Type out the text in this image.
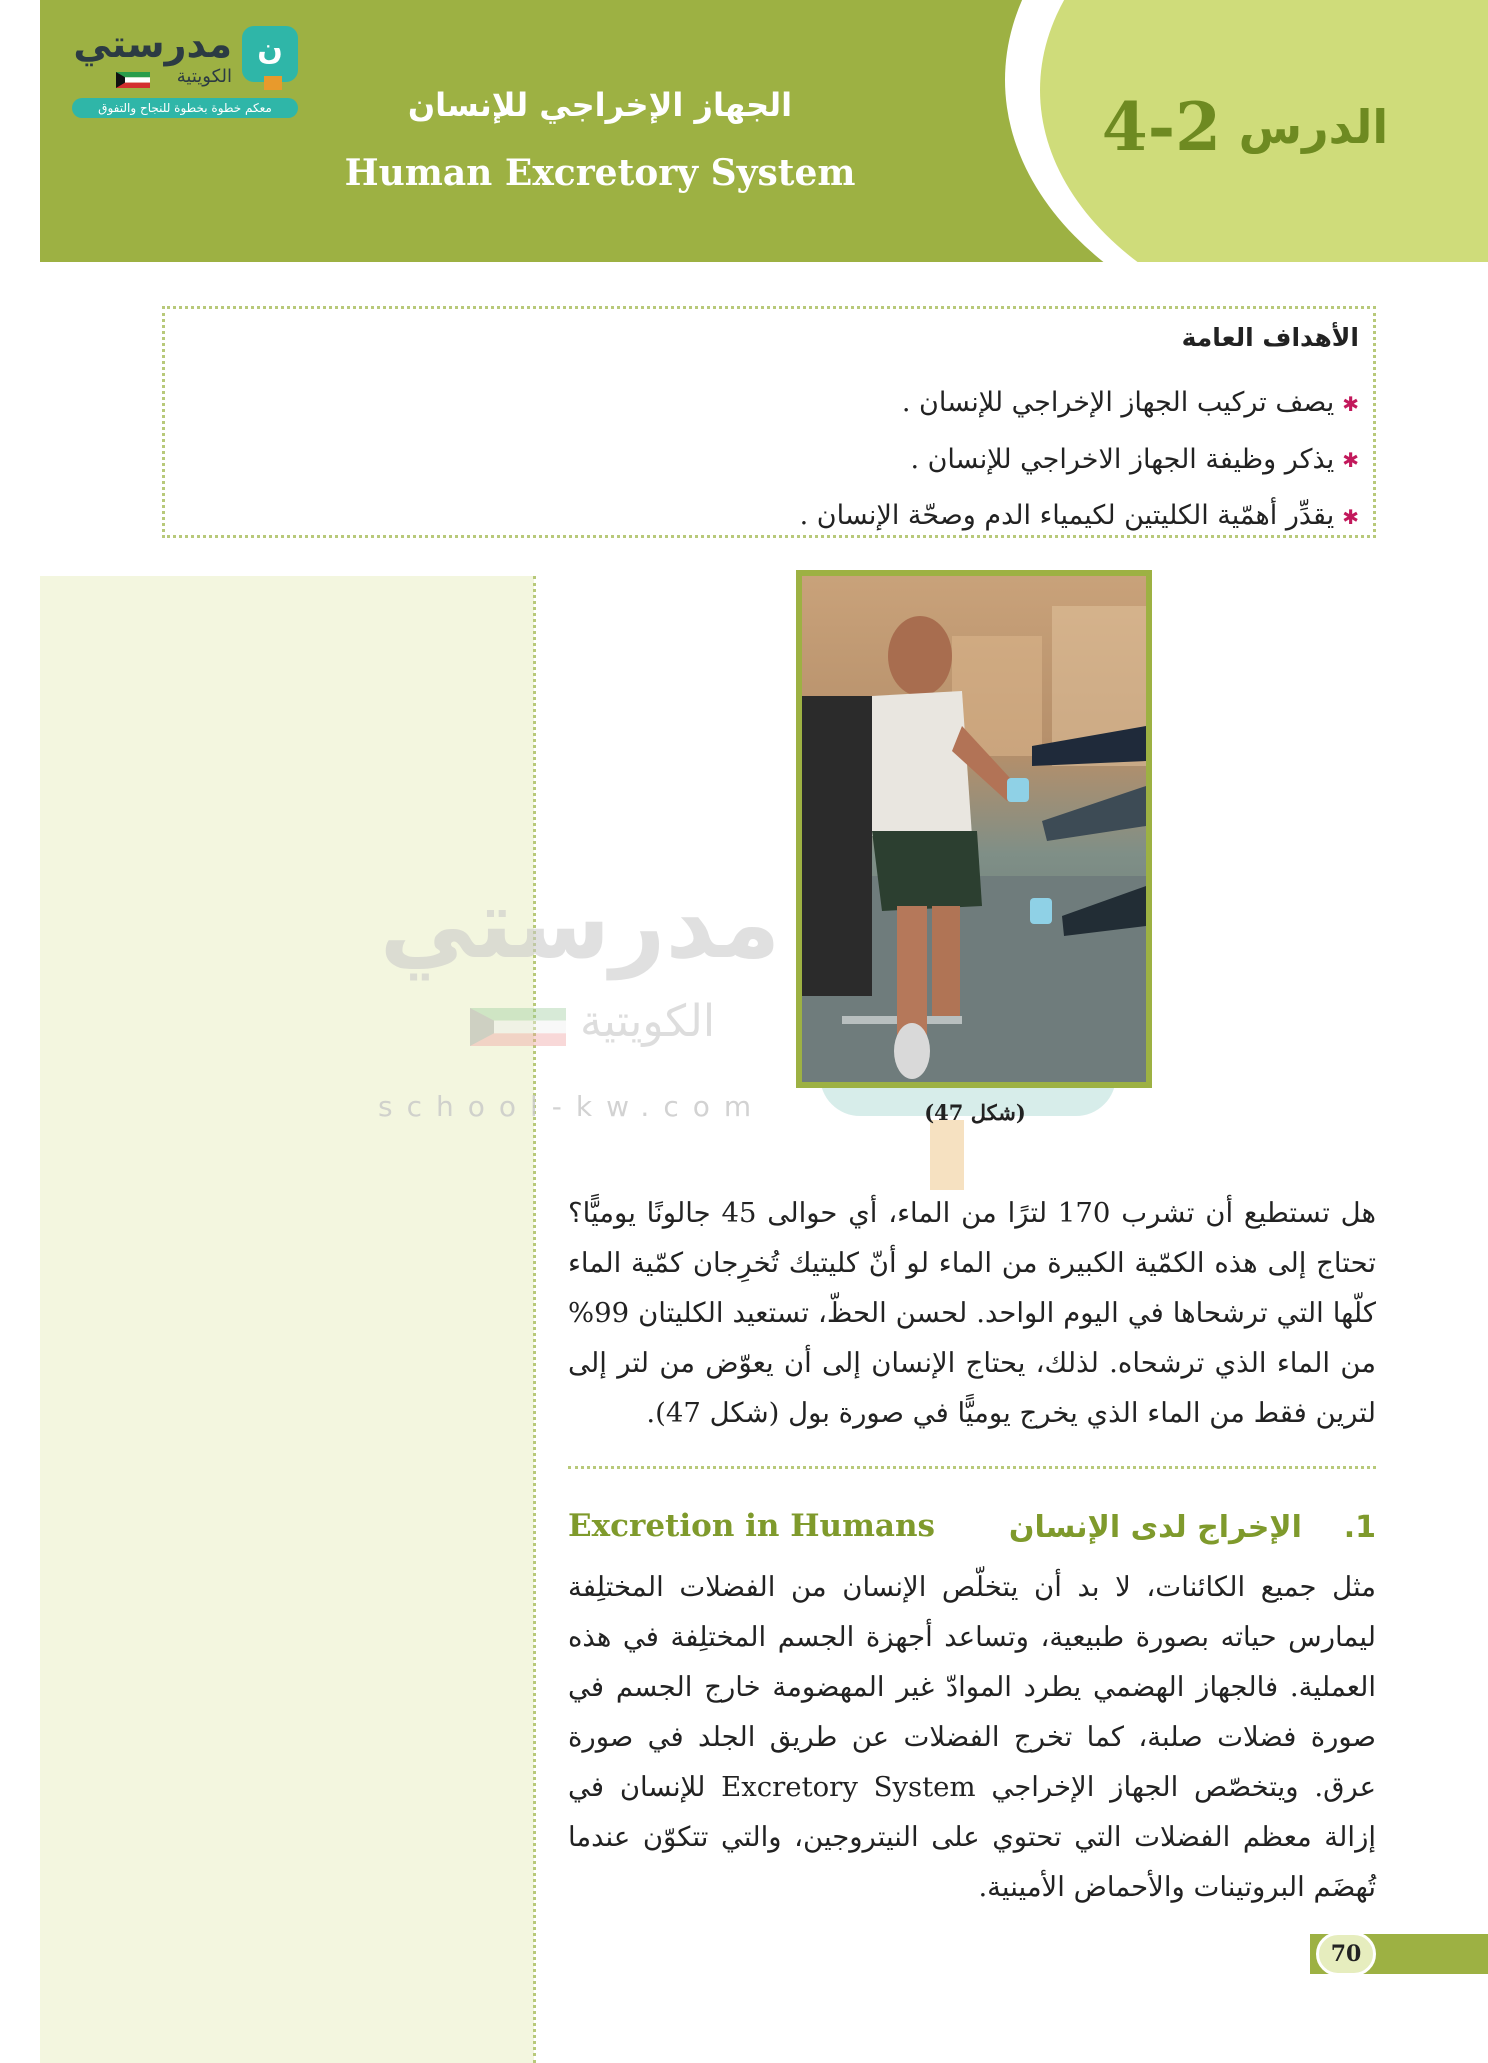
الدرس 4-2
الجهاز الإخراجي للإنسان
Human Excretory System
ن
مدرستي
الكويتية
معكم خطوة بخطوة للنجاح والتفوق
الأهداف العامة
✱يصف تركيب الجهاز الإخراجي للإنسان .
✱يذكر وظيفة الجهاز الاخراجي للإنسان .
✱يقدِّر أهمّية الكليتين لكيمياء الدم وصحّة الإنسان .
مدرستي
الكويتية
school-kw.com	(شكل 47)

هل تستطيع أن تشرب 170 لترًا من الماء، أي حوالى 45 جالونًا يوميًّا؟ تحتاج إلى هذه الكمّية الكبيرة من الماء لو أنّ كليتيك تُخرِجان كمّية الماء كلّها التي ترشحاها في اليوم الواحد. لحسن الحظّ، تستعيد الكليتان 99% من الماء الذي ترشحاه. لذلك، يحتاج الإنسان إلى أن يعوّض من لتر إلى لترين فقط من الماء الذي يخرج يوميًّا في صورة بول (شكل 47).

1.    الإخراج لدى الإنسان
Excretion in Humans

مثل جميع الكائنات، لا بد أن يتخلّص الإنسان من الفضلات المختلِفة ليمارس حياته بصورة طبيعية، وتساعد أجهزة الجسم المختلِفة في هذه العملية. فالجهاز الهضمي يطرد الموادّ غير المهضومة خارج الجسم في صورة فضلات صلبة، كما تخرج الفضلات عن طريق الجلد في صورة عرق. ويتخصّص الجهاز الإخراجي Excretory System للإنسان في إزالة معظم الفضلات التي تحتوي على النيتروجين، والتي تتكوّن عندما تُهضَم البروتينات والأحماض الأمينية.

70
